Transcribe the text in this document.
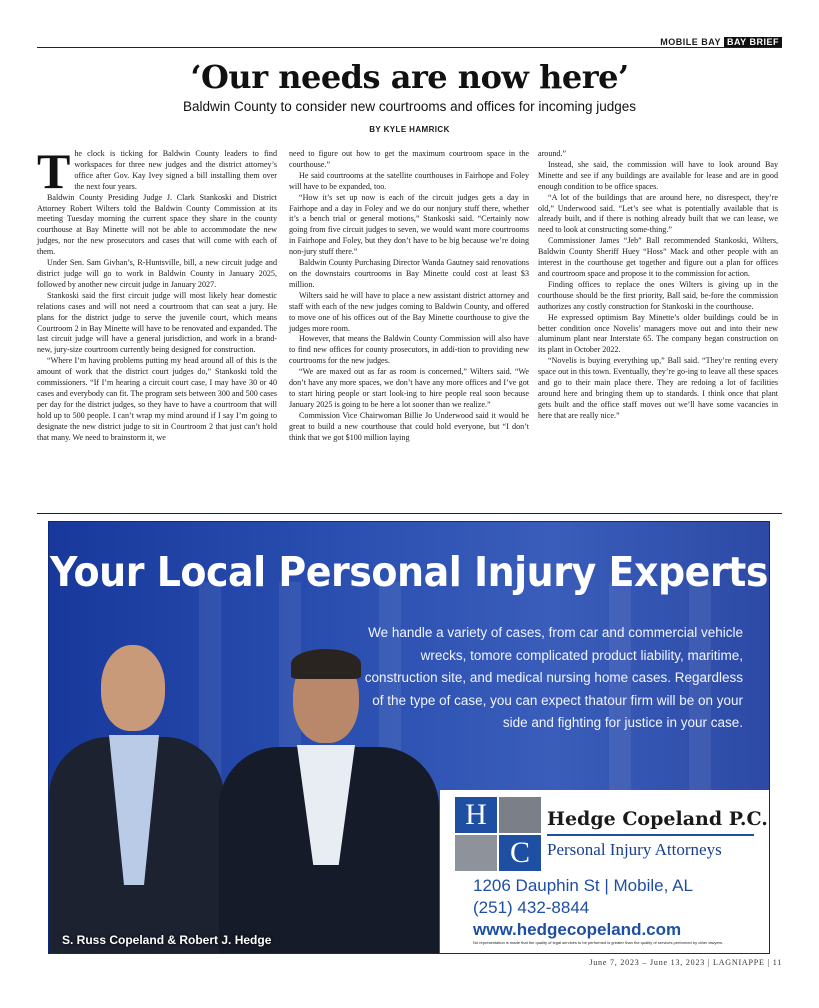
MOBILE BAY BAY BRIEF
‘Our needs are now here’
Baldwin County to consider new courtrooms and offices for incoming judges
BY KYLE HAMRICK

The clock is ticking for Baldwin County leaders to find workspaces for three new judges and the district attorney’s office after Gov. Kay Ivey signed a bill installing them over the next four years.

Baldwin County Presiding Judge J. Clark Stankoski and District Attorney Robert Wilters told the Baldwin County Commission at its meeting Tuesday morning the current space they share in the county courthouse at Bay Minette will not be able to accommodate the new judges, nor the new prosecutors and cases that will come with each of them.

Under Sen. Sam Givhan’s, R-Huntsville, bill, a new circuit judge and district judge will go to work in Baldwin County in January 2025, followed by another new circuit judge in January 2027.

Stankoski said the first circuit judge will most likely hear domestic relations cases and will not need a courtroom that can seat a jury. He plans for the district judge to serve the juvenile court, which means Courtroom 2 in Bay Minette will have to be renovated and expanded. The last circuit judge will have a general jurisdiction, and work in a brand-new, jury-size courtroom currently being designed for construction.

“Where I’m having problems putting my head around all of this is the amount of work that the district court judges do,” Stankoski told the commissioners. “If I’m hearing a circuit court case, I may have 30 or 40 cases and everybody can fit. The program sets between 300 and 500 cases per day for the district judges, so they have to have a courtroom that will hold up to 500 people. I can’t wrap my mind around if I say I’m going to designate the new district judge to sit in Courtroom 2 that just can’t hold that many. We need to brainstorm it, we

need to figure out how to get the maximum courtroom space in the courthouse.”

He said courtrooms at the satellite courthouses in Fairhope and Foley will have to be expanded, too.

“How it’s set up now is each of the circuit judges gets a day in Fairhope and a day in Foley and we do our nonjury stuff there, whether it’s a bench trial or general motions,” Stankoski said. “Certainly now going from five circuit judges to seven, we would want more courtrooms in Fairhope and Foley, but they don’t have to be big because we’re doing non-jury stuff there.”

Baldwin County Purchasing Director Wanda Gautney said renovations on the downstairs courtrooms in Bay Minette could cost at least $3 million.

Wilters said he will have to place a new assistant district attorney and staff with each of the new judges coming to Baldwin County, and offered to move one of his offices out of the Bay Minette courthouse to give the judges more room.

However, that means the Baldwin County Commission will also have to find new offices for county prosecutors, in addi-tion to providing new courtrooms for the new judges.

“We are maxed out as far as room is concerned,” Wilters said. “We don’t have any more spaces, we don’t have any more offices and I’ve got to start hiring people or start look-ing to hire people real soon because January 2025 is going to be here a lot sooner than we realize.”

Commission Vice Chairwoman Billie Jo Underwood said it would be great to build a new courthouse that could hold everyone, but “I don’t think that we got $100 million laying

around.”

Instead, she said, the commission will have to look around Bay Minette and see if any buildings are available for lease and are in good enough condition to be office spaces.

“A lot of the buildings that are around here, no disrespect, they’re old,” Underwood said. “Let’s see what is potentially available that is already built, and if there is nothing already built that we can lease, we need to look at constructing some-thing.”

Commissioner James “Jeb” Ball recommended Stankoski, Wilters, Baldwin County Sheriff Huey “Hoss” Mack and other people with an interest in the courthouse get together and figure out a plan for offices and courtroom space and propose it to the commission for action.

Finding offices to replace the ones Wilters is giving up in the courthouse should be the first priority, Ball said, be-fore the commission authorizes any costly construction for Stankoski in the courthouse.

He expressed optimism Bay Minette’s older buildings could be in better condition once Novelis’ managers move out and into their new aluminum plant near Interstate 65. The company began construction on its plant in October 2022.

“Novelis is buying everything up,” Ball said. “They’re renting every space out in this town. Eventually, they’re go-ing to leave all these spaces and go to their main place there. They are redoing a lot of facilities around here and bringing them up to standards. I think once that plant gets built and the office staff moves out we’ll have some vacancies in here that are really nice.”

Your Local Personal Injury Experts
We handle a variety of cases, from car and commercial vehicle wrecks, tomore complicated product liability, maritime, construction site, and medical nursing home cases. Regardless of the type of case, you can expect thatour firm will be on your side and fighting for justice in your case.
S. Russ Copeland & Robert J. Hedge
H
C
Hedge Copeland P.C.
Personal Injury Attorneys
1206 Dauphin St | Mobile, AL
(251) 432-8844
www.hedgecopeland.com
No representation is made that the quality of legal services to be performed is greater than the quality of services performed by other lawyers.
June 7, 2023 – June 13, 2023 | LAGNIAPPE | 11
